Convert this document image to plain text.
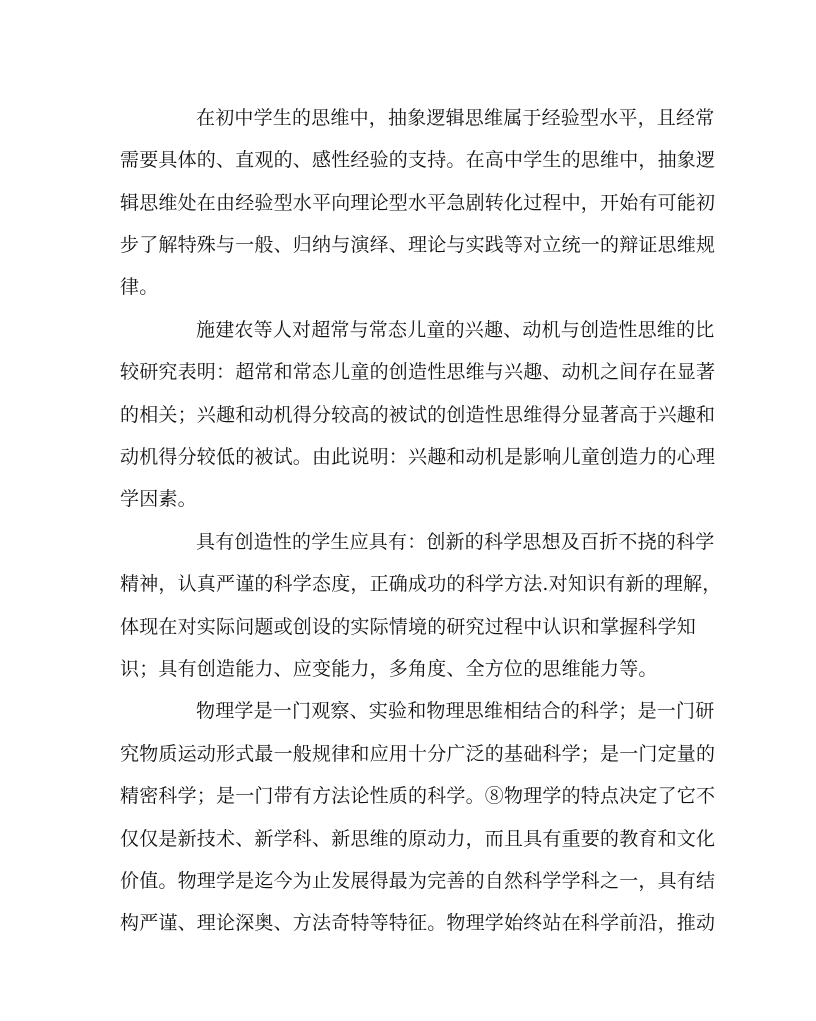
在初中学生的思维中，抽象逻辑思维属于经验型水平，且经常
需要具体的、直观的、感性经验的支持。在高中学生的思维中，抽象逻
辑思维处在由经验型水平向理论型水平急剧转化过程中，开始有可能初
步了解特殊与一般、归纳与演绎、理论与实践等对立统一的辩证思维规
律。
施建农等人对超常与常态儿童的兴趣、动机与创造性思维的比
较研究表明：超常和常态儿童的创造性思维与兴趣、动机之间存在显著
的相关；兴趣和动机得分较高的被试的创造性思维得分显著高于兴趣和
动机得分较低的被试。由此说明：兴趣和动机是影响儿童创造力的心理
学因素。
具有创造性的学生应具有：创新的科学思想及百折不挠的科学
精神，认真严谨的科学态度，正确成功的科学方法.对知识有新的理解，
体现在对实际问题或创设的实际情境的研究过程中认识和掌握科学知
识；具有创造能力、应变能力，多角度、全方位的思维能力等。
物理学是一门观察、实验和物理思维相结合的科学；是一门研
究物质运动形式最一般规律和应用十分广泛的基础科学；是一门定量的
精密科学；是一门带有方法论性质的科学。⑧物理学的特点决定了它不
仅仅是新技术、新学科、新思维的原动力，而且具有重要的教育和文化
价值。物理学是迄今为止发展得最为完善的自然科学学科之一，具有结
构严谨、理论深奥、方法奇特等特征。物理学始终站在科学前沿，推动
